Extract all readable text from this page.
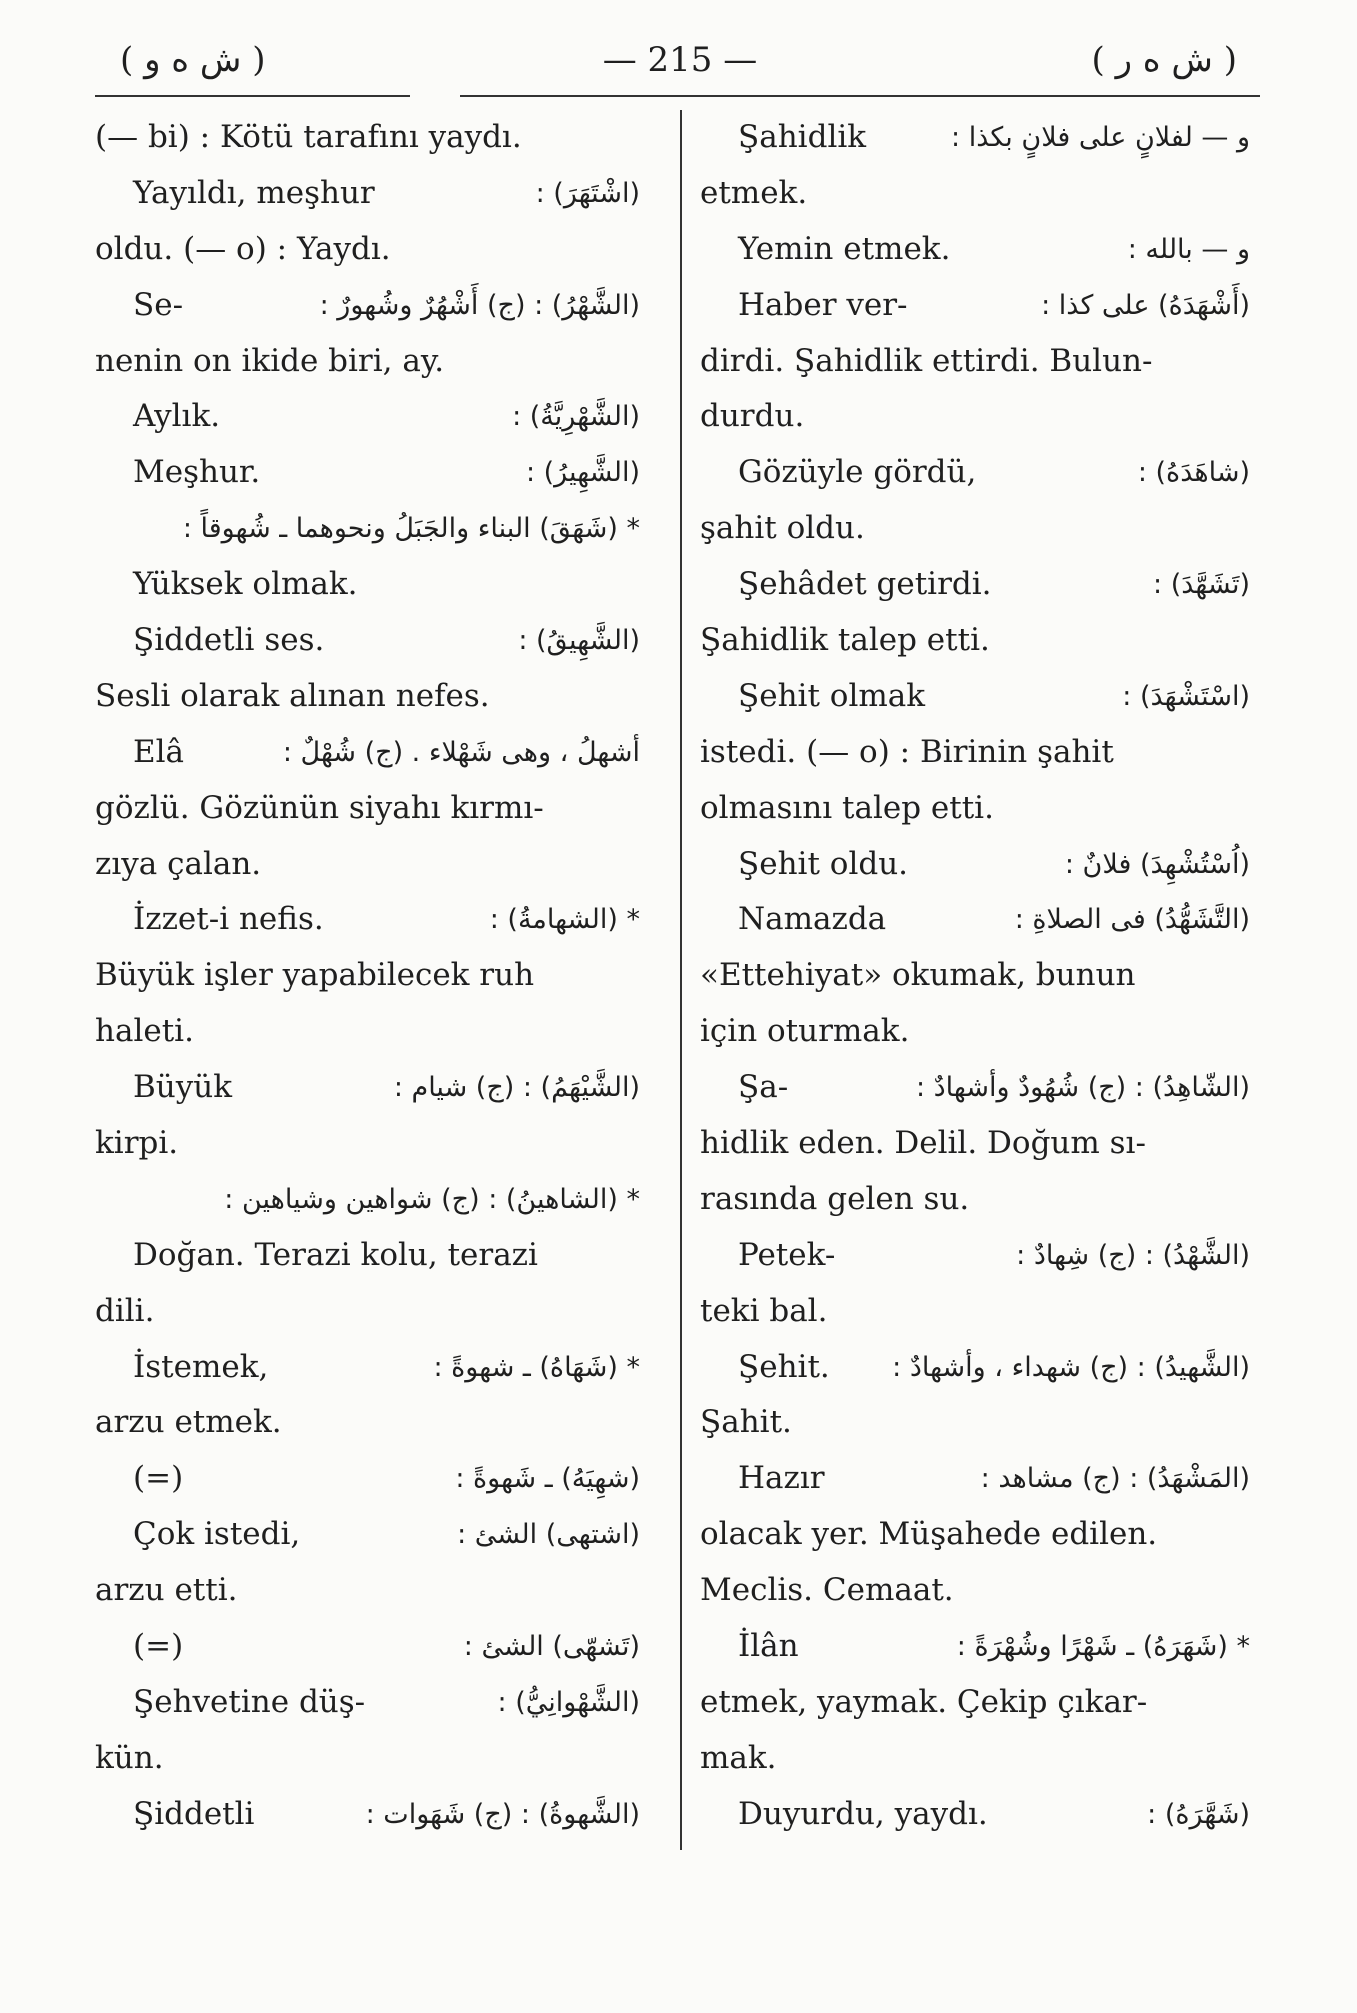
( ش ه و )	— 215 —	( ش ه ر )
(— bi) : Kötü tarafını yaydı.
Yayıldı, meşhur	(اشْتَهَرَ) :
oldu. (— o) : Yaydı.
Se-	(الشَّهْرُ) : (ج) أَشْهُرٌ وشُهورٌ :
nenin on ikide biri, ay.
Aylık.	(الشَّهْرِيَّةُ) :
Meşhur.	(الشَّهِيرُ) :
* (شَهَقَ) البناء والجَبَلُ ونحوهما ـ شُهوقاً :
Yüksek olmak.
Şiddetli ses.	(الشَّهِيقُ) :
Sesli olarak alınan nefes.
Elâ	أشهلُ ، وهى شَهْلاء . (ج) شُهْلٌ :
gözlü. Gözünün siyahı kırmı-
zıya çalan.
İzzet-i nefis.	* (الشهامةُ) :
Büyük işler yapabilecek ruh
haleti.
Büyük	(الشَّيْهَمُ) : (ج) شيام :
kirpi.
* (الشاهينُ) : (ج) شواهين وشياهين :
Doğan. Terazi kolu, terazi
dili.
İstemek,	* (شَهَاهُ) ـ شهوةً :
arzu etmek.
(=)	(شهِيَهُ) ـ شَهوةً :
Çok istedi,	(اشتهى) الشئ :
arzu etti.
(=)	(تَشهّى) الشئ :
Şehvetine düş-	(الشَّهْوانِيُّ) :
kün.
Şiddetli	(الشَّهوةُ) : (ج) شَهَوات :
Şahidlik	و — لفلانٍ على فلانٍ بكذا :
etmek.
Yemin etmek.	و — بالله :
Haber ver-	(أَشْهَدَهُ) على كذا :
dirdi. Şahidlik ettirdi. Bulun-
durdu.
Gözüyle gördü,	(شاهَدَهُ) :
şahit oldu.
Şehâdet getirdi.	(تَشَهَّدَ) :
Şahidlik talep etti.
Şehit olmak	(اسْتَشْهَدَ) :
istedi. (— o) : Birinin şahit
olmasını talep etti.
Şehit oldu.	(اُسْتُشْهِدَ) فلانٌ :
Namazda	(التَّشَهُّدُ) فى الصلاةِ :
«Ettehiyat» okumak, bunun
için oturmak.
Şa-	(الشّاهِدُ) : (ج) شُهُودٌ وأشهادٌ :
hidlik eden. Delil. Doğum sı-
rasında gelen su.
Petek-	(الشَّهْدُ) : (ج) شِهادٌ :
teki bal.
Şehit. (الشَّهيدُ) : (ج) شهداء ، وأشهادٌ :
Şahit.
Hazır	(المَشْهَدُ) : (ج) مشاهد :
olacak yer. Müşahede edilen.
Meclis. Cemaat.
İlân	* (شَهَرَهُ) ـ شَهْرًا وشُهْرَةً :
etmek, yaymak. Çekip çıkar-
mak.
Duyurdu, yaydı.	(شَهَّرَهُ) :
